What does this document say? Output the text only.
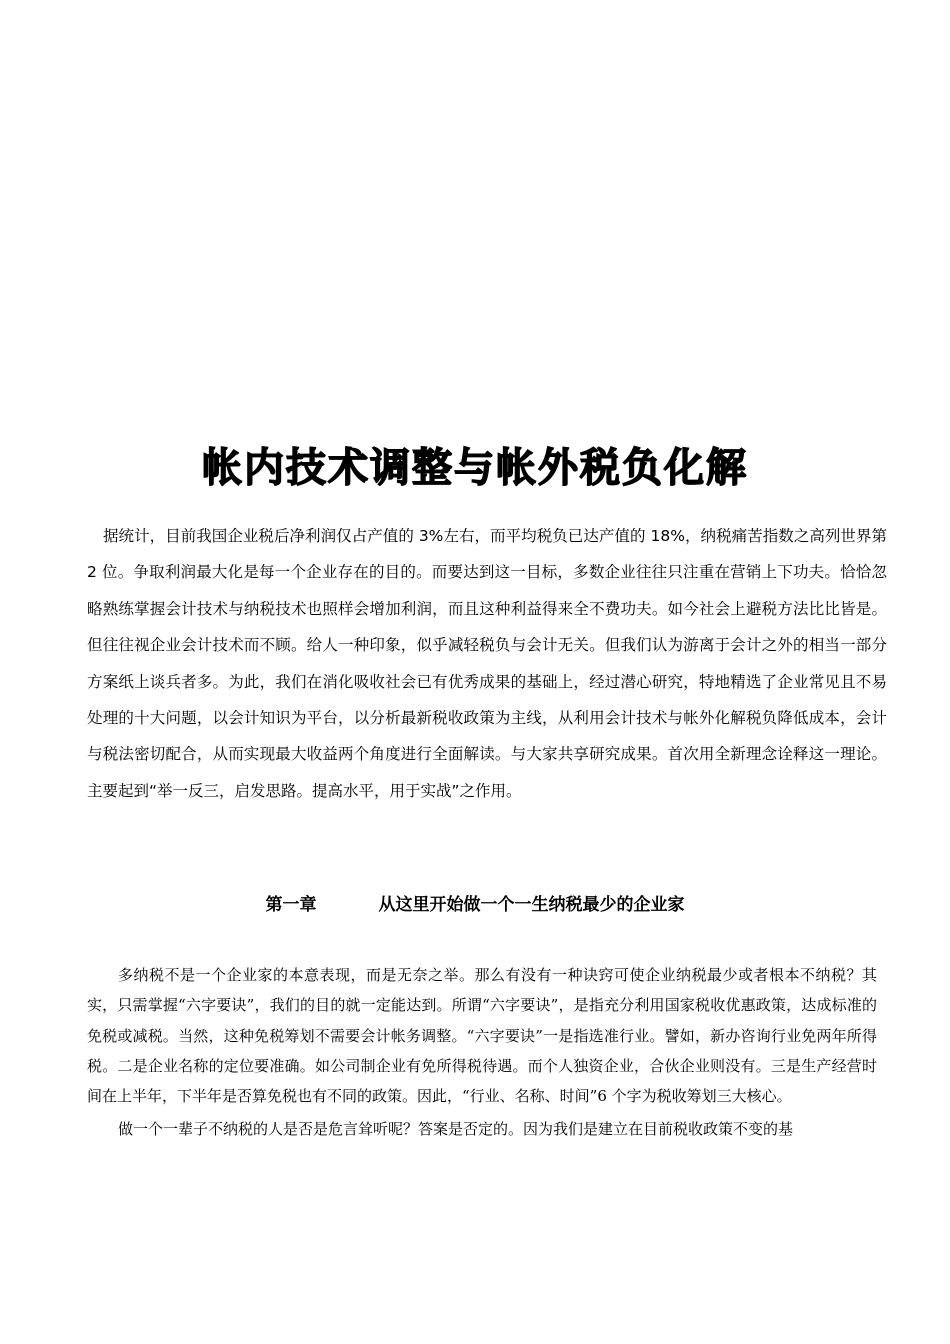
帐内技术调整与帐外税负化解

据统计，目前我国企业税后净利润仅占产值的 3%左右，而平均税负已达产值的 18%，纳税痛苦指数之高列世界第 2 位。争取利润最大化是每一个企业存在的目的。而要达到这一目标，多数企业往往只注重在营销上下功夫。恰恰忽略熟练掌握会计技术与纳税技术也照样会增加利润，而且这种利益得来全不费功夫。如今社会上避税方法比比皆是。但往往视企业会计技术而不顾。给人一种印象，似乎减轻税负与会计无关。但我们认为游离于会计之外的相当一部分方案纸上谈兵者多。为此，我们在消化吸收社会已有优秀成果的基础上，经过潜心研究，特地精选了企业常见且不易处理的十大问题，以会计知识为平台，以分析最新税收政策为主线，从利用会计技术与帐外化解税负降低成本，会计与税法密切配合，从而实现最大收益两个角度进行全面解读。与大家共享研究成果。首次用全新理念诠释这一理论。主要起到“举一反三，启发思路。提高水平，用于实战”之作用。

第一章	从这里开始做一个一生纳税最少的企业家

多纳税不是一个企业家的本意表现，而是无奈之举。那么有没有一种诀窍可使企业纳税最少或者根本不纳税？其实，只需掌握“六字要诀”，我们的目的就一定能达到。所谓“六字要诀”，是指充分利用国家税收优惠政策，达成标准的免税或减税。当然，这种免税筹划不需要会计帐务调整。“六字要诀”一是指选准行业。譬如，新办咨询行业免两年所得税。二是企业名称的定位要准确。如公司制企业有免所得税待遇。而个人独资企业，合伙企业则没有。三是生产经营时间在上半年，下半年是否算免税也有不同的政策。因此，“行业、名称、时间”6 个字为税收筹划三大核心。

做一个一辈子不纳税的人是否是危言耸听呢？答案是否定的。因为我们是建立在目前税收政策不变的基
